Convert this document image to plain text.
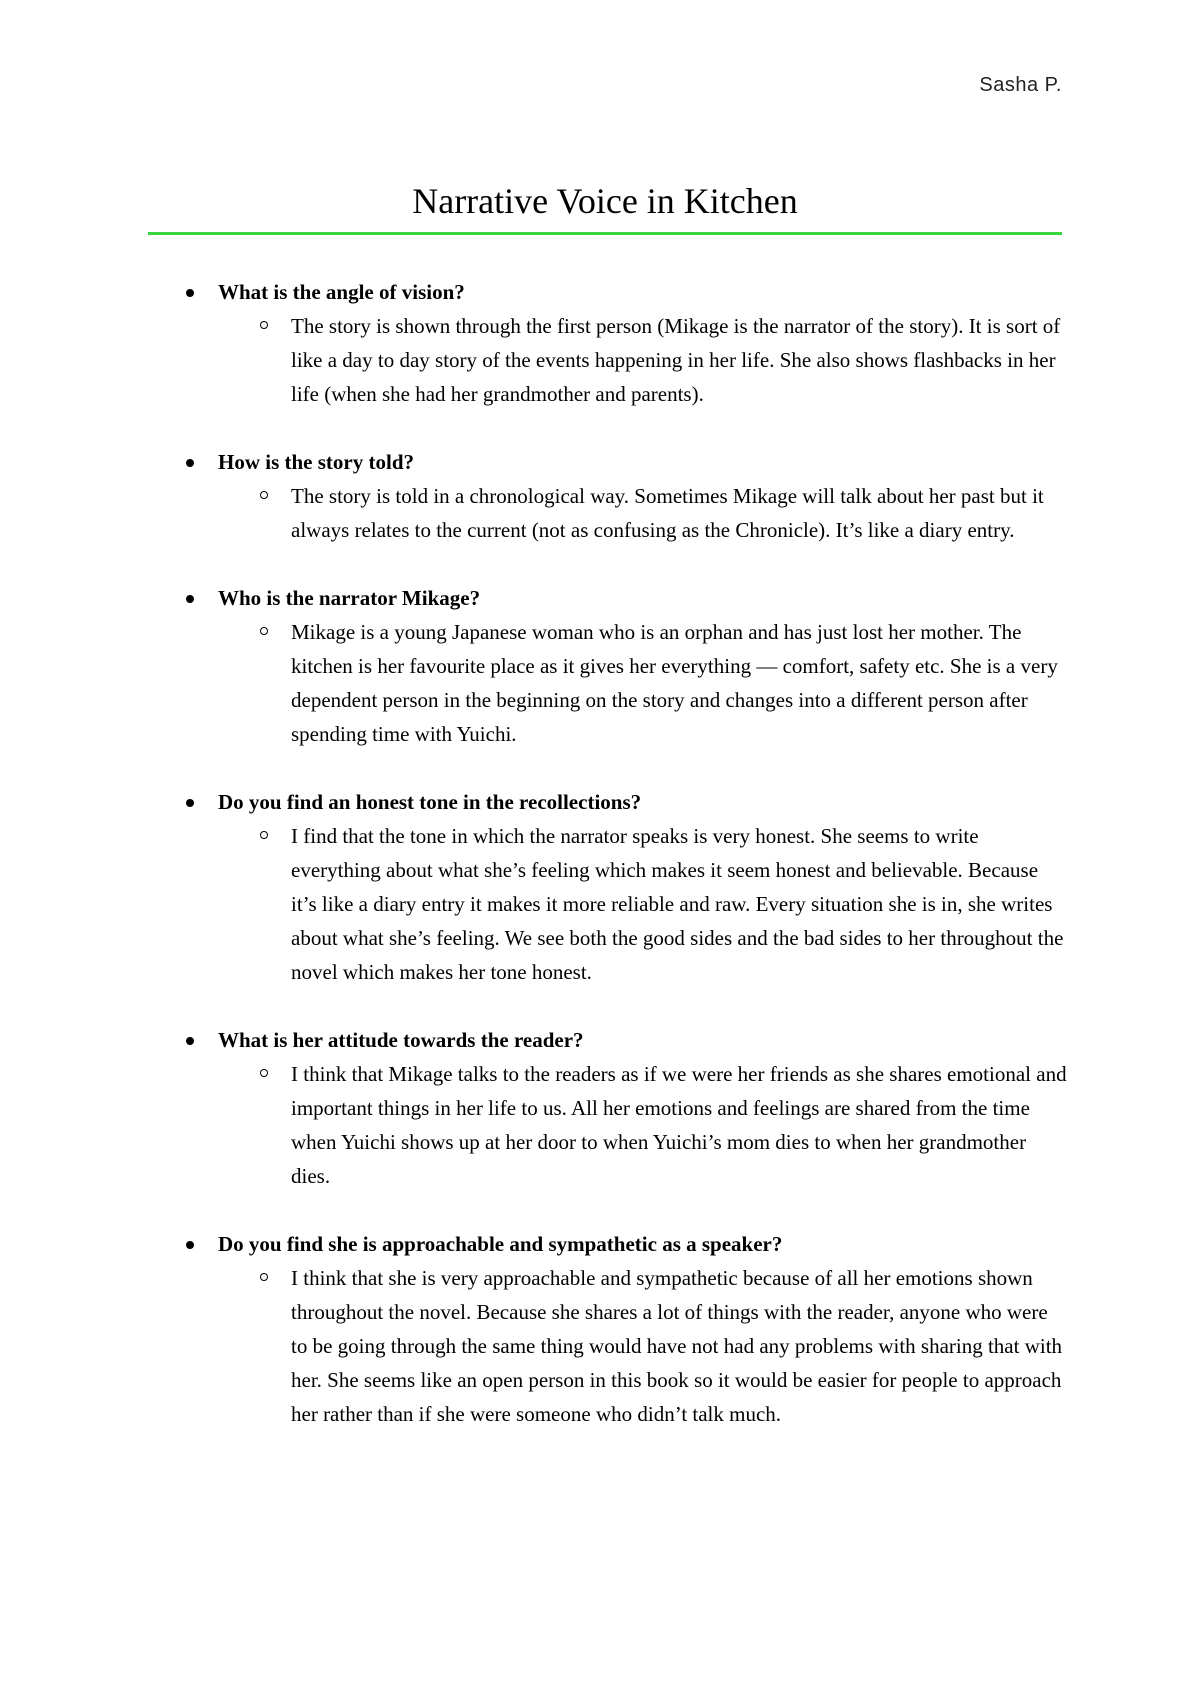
Sasha P.
Narrative Voice in Kitchen
What is the angle of vision?
The story is shown through the first person (Mikage is the narrator of the story). It is sort of like a day to day story of the events happening in her life. She also shows flashbacks in her life (when she had her grandmother and parents).
How is the story told?
The story is told in a chronological way. Sometimes Mikage will talk about her past but it always relates to the current (not as confusing as the Chronicle). It’s like a diary entry.
Who is the narrator Mikage?
Mikage is a young Japanese woman who is an orphan and has just lost her mother. The kitchen is her favourite place as it gives her everything — comfort, safety etc. She is a very dependent person in the beginning on the story and changes into a different person after spending time with Yuichi.
Do you find an honest tone in the recollections?
I find that the tone in which the narrator speaks is very honest. She seems to write everything about what she’s feeling which makes it seem honest and believable. Because it’s like a diary entry it makes it more reliable and raw. Every situation she is in, she writes about what she’s feeling. We see both the good sides and the bad sides to her throughout the novel which makes her tone honest.
What is her attitude towards the reader?
I think that Mikage talks to the readers as if we were her friends as she shares emotional and important things in her life to us. All her emotions and feelings are shared from the time when Yuichi shows up at her door to when Yuichi’s mom dies to when her grandmother dies.
Do you find she is approachable and sympathetic as a speaker?
I think that she is very approachable and sympathetic because of all her emotions shown throughout the novel. Because she shares a lot of things with the reader, anyone who were to be going through the same thing would have not had any problems with sharing that with her. She seems like an open person in this book so it would be easier for people to approach her rather than if she were someone who didn’t talk much.
